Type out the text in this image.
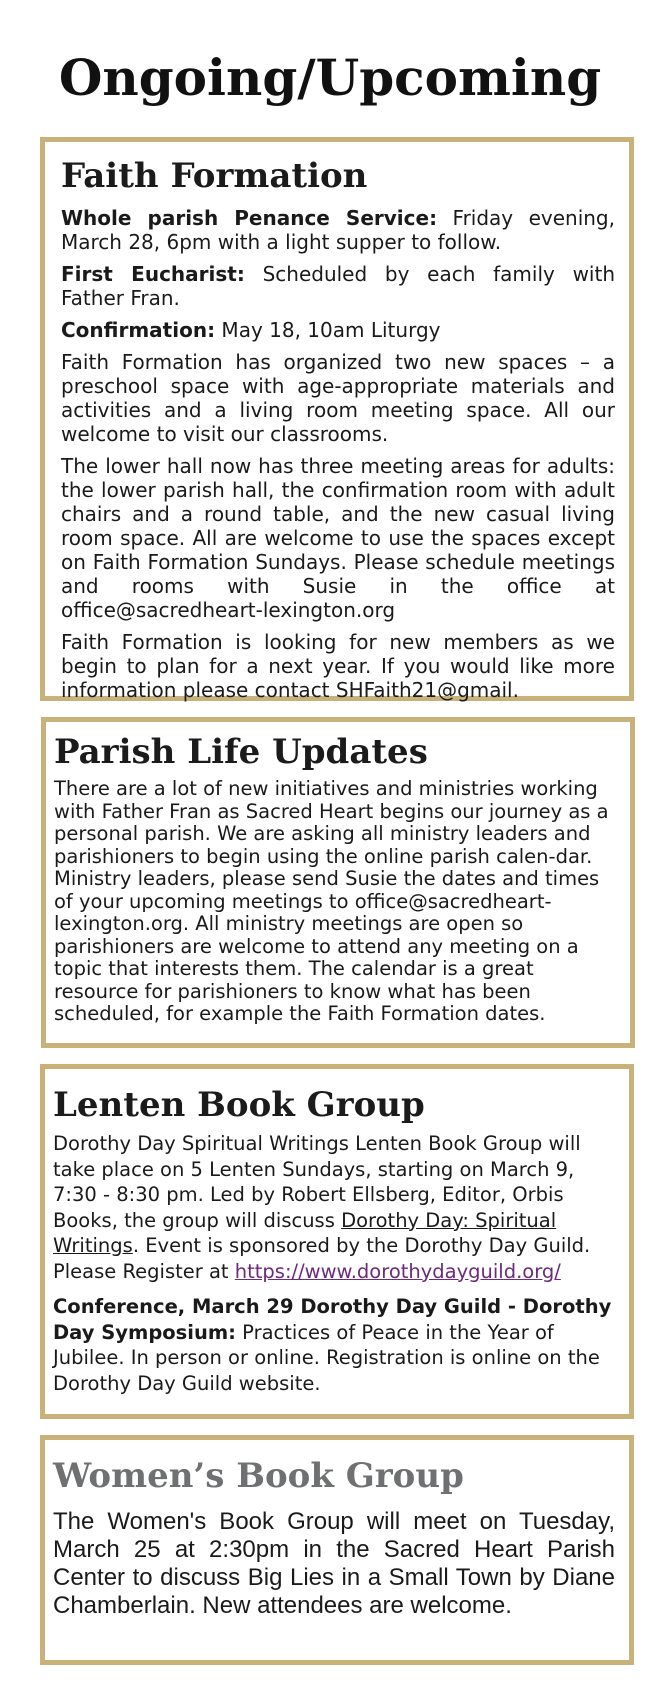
Ongoing/Upcoming
Faith Formation

Whole parish Penance Service: Friday evening, March 28, 6pm with a light supper to follow.

First Eucharist: Scheduled by each family with Father Fran.

Confirmation: May 18, 10am Liturgy

Faith Formation has organized two new spaces – a preschool space with age-appropriate materials and activities and a living room meeting space. All our welcome to visit our classrooms.

The lower hall now has three meeting areas for adults: the lower parish hall, the confirmation room with adult chairs and a round table, and the new casual living room space. All are welcome to use the spaces except on Faith Formation Sundays. Please schedule meetings and rooms with Susie in the office at office@sacredheart-lexington.org

Faith Formation is looking for new members as we begin to plan for a next year. If you would like more information please contact SHFaith21@gmail.

Parish Life Updates

There are a lot of new initiatives and ministries working with Father Fran as Sacred Heart begins our journey as a personal parish. We are asking all ministry leaders and parishioners to begin using the online parish calen-dar. Ministry leaders, please send Susie the dates and times of your upcoming meetings to office@sacredheart-lexington.org. All ministry meetings are open so parishioners are welcome to attend any meeting on a topic that interests them. The calendar is a great resource for parishioners to know what has been scheduled, for example the Faith Formation dates.

Lenten Book Group

Dorothy Day Spiritual Writings Lenten Book Group will take place on 5 Lenten Sundays, starting on March 9, 7:30 - 8:30 pm. Led by Robert Ellsberg, Editor, Orbis Books, the group will discuss Dorothy Day: Spiritual Writings. Event is sponsored by the Dorothy Day Guild. Please Register at https://www.dorothydayguild.org/

Conference, March 29 Dorothy Day Guild - Dorothy Day Symposium: Practices of Peace in the Year of Jubilee. In person or online. Registration is online on the Dorothy Day Guild website.

Women’s Book Group

The Women's Book Group will meet on Tuesday, March 25 at 2:30pm in the Sacred Heart Parish Center to discuss Big Lies in a Small Town by Diane Chamberlain. New attendees are welcome.
